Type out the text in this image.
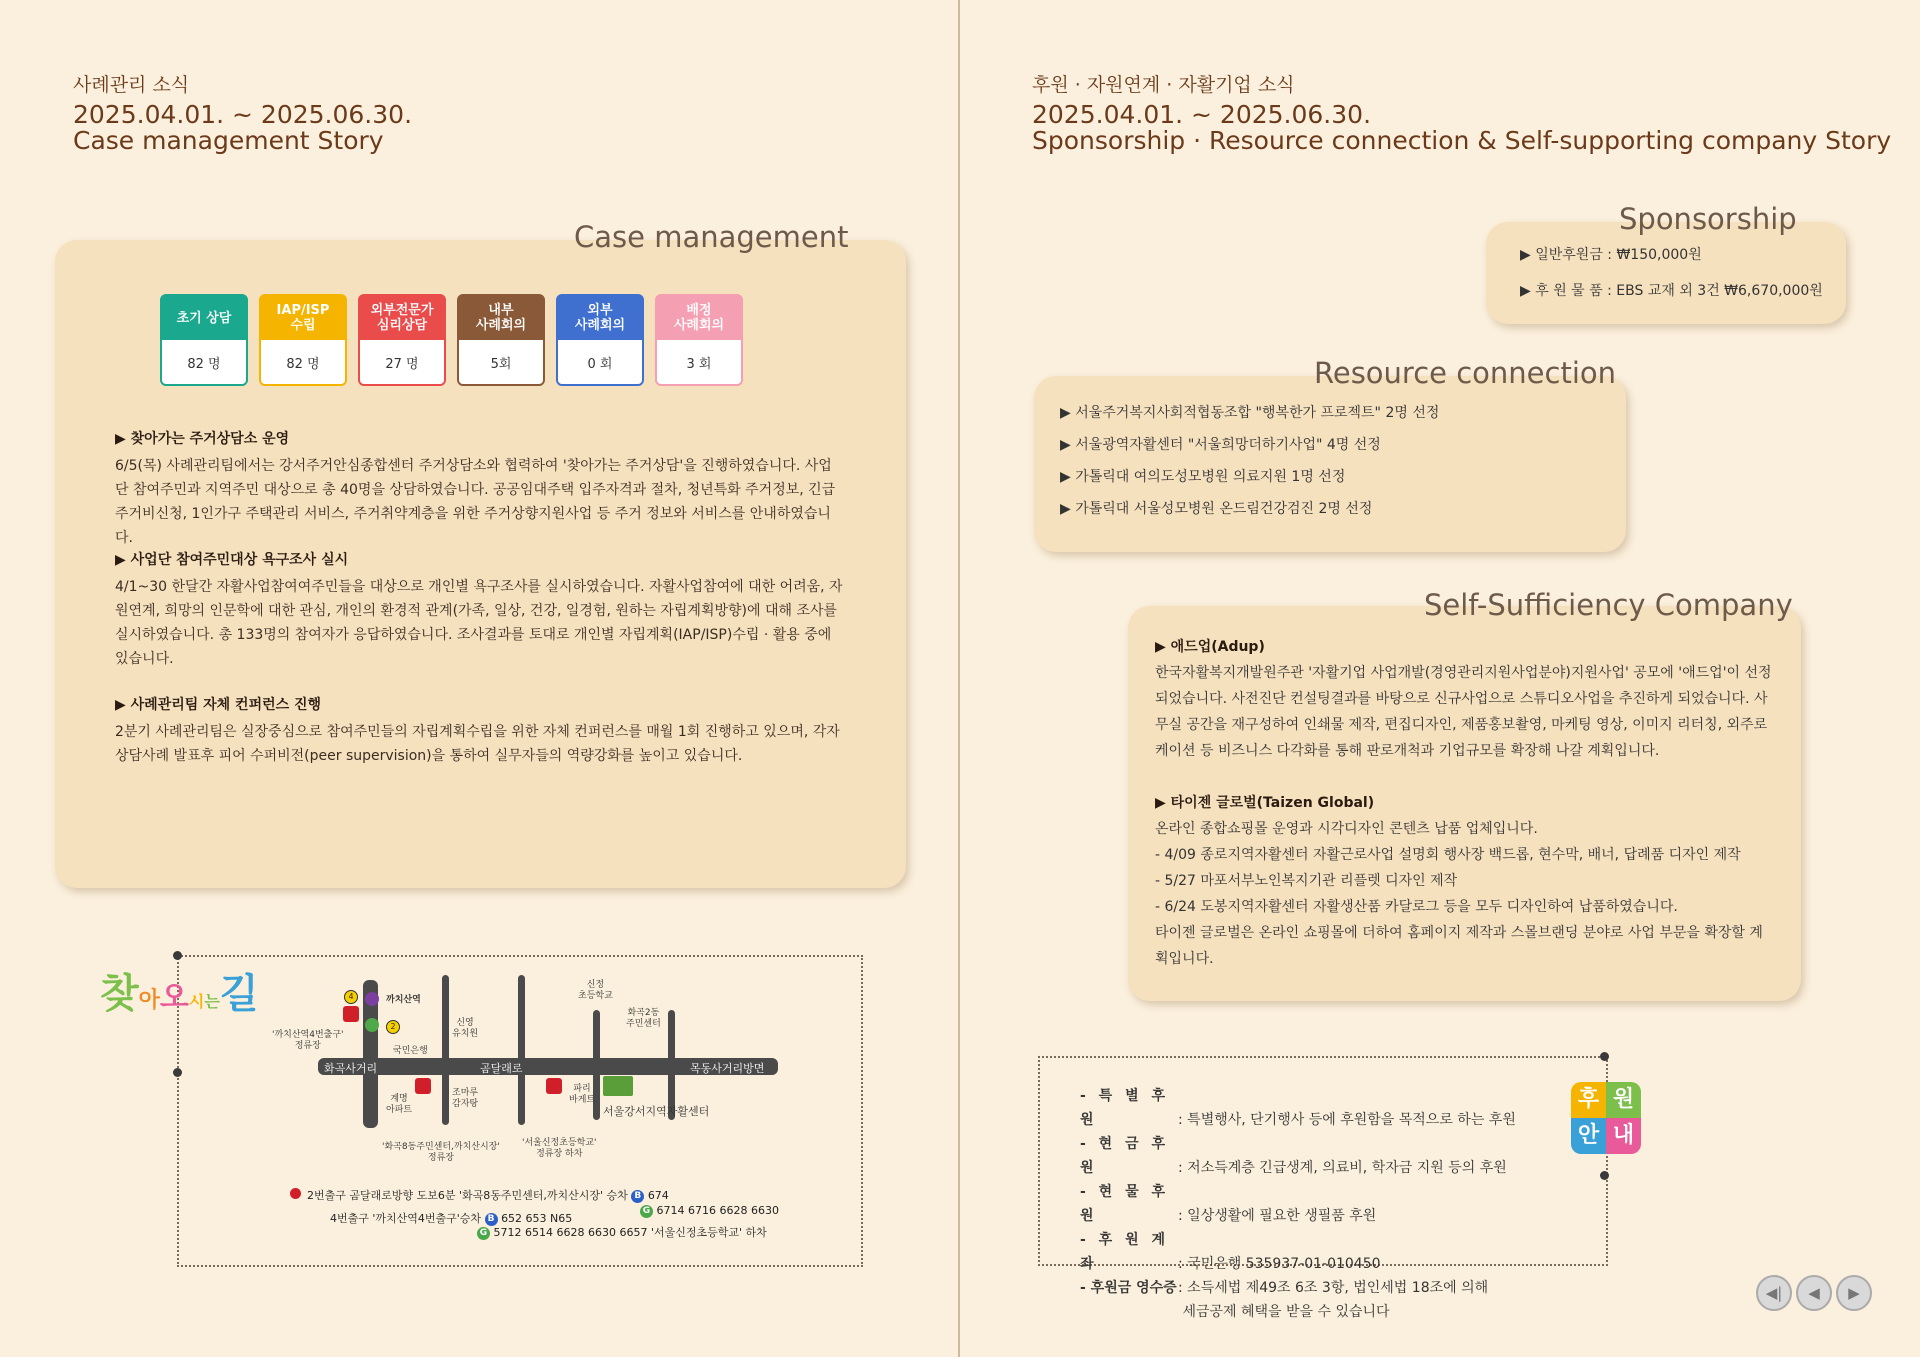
사례관리 소식
2025.04.01. ~ 2025.06.30.
Case management Story
Case management
초기 상담
82 명
IAP/ISP
수립
82 명
외부전문가
심리상담
27 명
내부
사례회의
5회
외부
사례회의
0 회
배정
사례회의
3 회
▶ 찾아가는 주거상담소 운영

6/5(목) 사례관리팀에서는 강서주거안심종합센터 주거상담소와 협력하여 '찾아가는 주거상담'을 진행하였습니다. 사업단 참여주민과 지역주민 대상으로 총 40명을 상담하였습니다. 공공임대주택 입주자격과 절차, 청년특화 주거정보, 긴급주거비신청, 1인가구 주택관리 서비스, 주거취약계층을 위한 주거상향지원사업 등 주거 정보와 서비스를 안내하였습니다.

▶ 사업단 참여주민대상 욕구조사 실시

4/1~30 한달간 자활사업참여여주민들을 대상으로 개인별 욕구조사를 실시하였습니다. 자활사업참여에 대한 어려움, 자원연계, 희망의 인문학에 대한 관심, 개인의 환경적 관계(가족, 일상, 건강, 일경험, 원하는 자립계획방향)에 대해 조사를 실시하였습니다. 총 133명의 참여자가 응답하였습니다. 조사결과를 토대로 개인별 자립계획(IAP/ISP)수립 · 활용 중에 있습니다.

▶ 사례관리팀 자체 컨퍼런스 진행

2분기 사례관리팀은 실장중심으로 참여주민들의 자립계획수립을 위한 자체 컨퍼런스를 매월 1회 진행하고 있으며, 각자 상담사례 발표후 피어 수퍼비전(peer supervision)을 통하여 실무자들의 역량강화를 높이고 있습니다.

찾아오시는길
화곡사거리	곰달래로	목동사거리방면
4
2
까치산역
'까치산역4번출구'
정류장	국민은행
신영
유치원
계명
아파트
조마루
감자탕
신정
초등학교
화곡2동
주민센터
파리
바게트
서울강서지역자활센터
'화곡8동주민센터,까치산시장'
정류장
'서울신정초등학교'
정류장 하차
2번출구 곰달래로방향 도보6분 '화곡8동주민센터,까치산시장' 승차 B 674
G 6714 6716 6628 6630
4번출구 '까치산역4번출구'승차 B 652 653 N65
G 5712 6514 6628 6630 6657 '서울신정초등학교' 하차
후원 · 자원연계 · 자활기업 소식
2025.04.01. ~ 2025.06.30.
Sponsorship · Resource connection & Self-supporting company Story
Sponsorship
▶ 일반후원금 : ₩150,000원
▶ 후 원 물 품 : EBS 교재 외 3건 ₩6,670,000원
Resource connection
▶ 서울주거복지사회적협동조합 "행복한가 프로젝트" 2명 선정
▶ 서울광역자활센터 "서울희망더하기사업" 4명 선정
▶ 가톨릭대 여의도성모병원 의료지원 1명 선정
▶ 가톨릭대 서울성모병원 온드림건강검진 2명 선정
Self-Sufficiency Company
▶ 애드업(Adup)

한국자활복지개발원주관 '자활기업 사업개발(경영관리지원사업분야)지원사업' 공모에 '애드업'이 선정되었습니다. 사전진단 컨설팅결과를 바탕으로 신규사업으로 스튜디오사업을 추진하게 되었습니다. 사무실 공간을 재구성하여 인쇄물 제작, 편집디자인, 제품홍보촬영, 마케팅 영상, 이미지 리터칭, 외주로케이션 등 비즈니스 다각화를 통해 판로개척과 기업규모를 확장해 나갈 계획입니다.

▶ 타이젠 글로벌(Taizen Global)

온라인 종합쇼핑몰 운영과 시각디자인 콘텐츠 납품 업체입니다.

- 4/09 종로지역자활센터 자활근로사업 설명회 행사장 백드롭, 현수막, 배너, 답례품 디자인 제작

- 5/27 마포서부노인복지기관 리플렛 디자인 제작

- 6/24 도봉지역자활센터 자활생산품 카달로그 등을 모두 디자인하여 납품하였습니다.

타이젠 글로벌은 온라인 쇼핑몰에 더하여 홈페이지 제작과 스몰브랜딩 분야로 사업 부문을 확장할 계획입니다.

- 특 별 후 원	: 특별행사, 단기행사 등에 후원함을 목적으로 하는 후원
- 현 금 후 원	: 저소득계층 긴급생계, 의료비, 학자금 지원 등의 후원
- 현 물 후 원	: 일상생활에 필요한 생필품 후원
- 후 원 계 좌	: 국민은행 535937-01-010450
- 후원금 영수증: 소득세법 제49조 6조 3항, 법인세법 18조에 의해
세금공제 혜택을 받을 수 있습니다
후 원
안 내
◀| ◀ ▶
